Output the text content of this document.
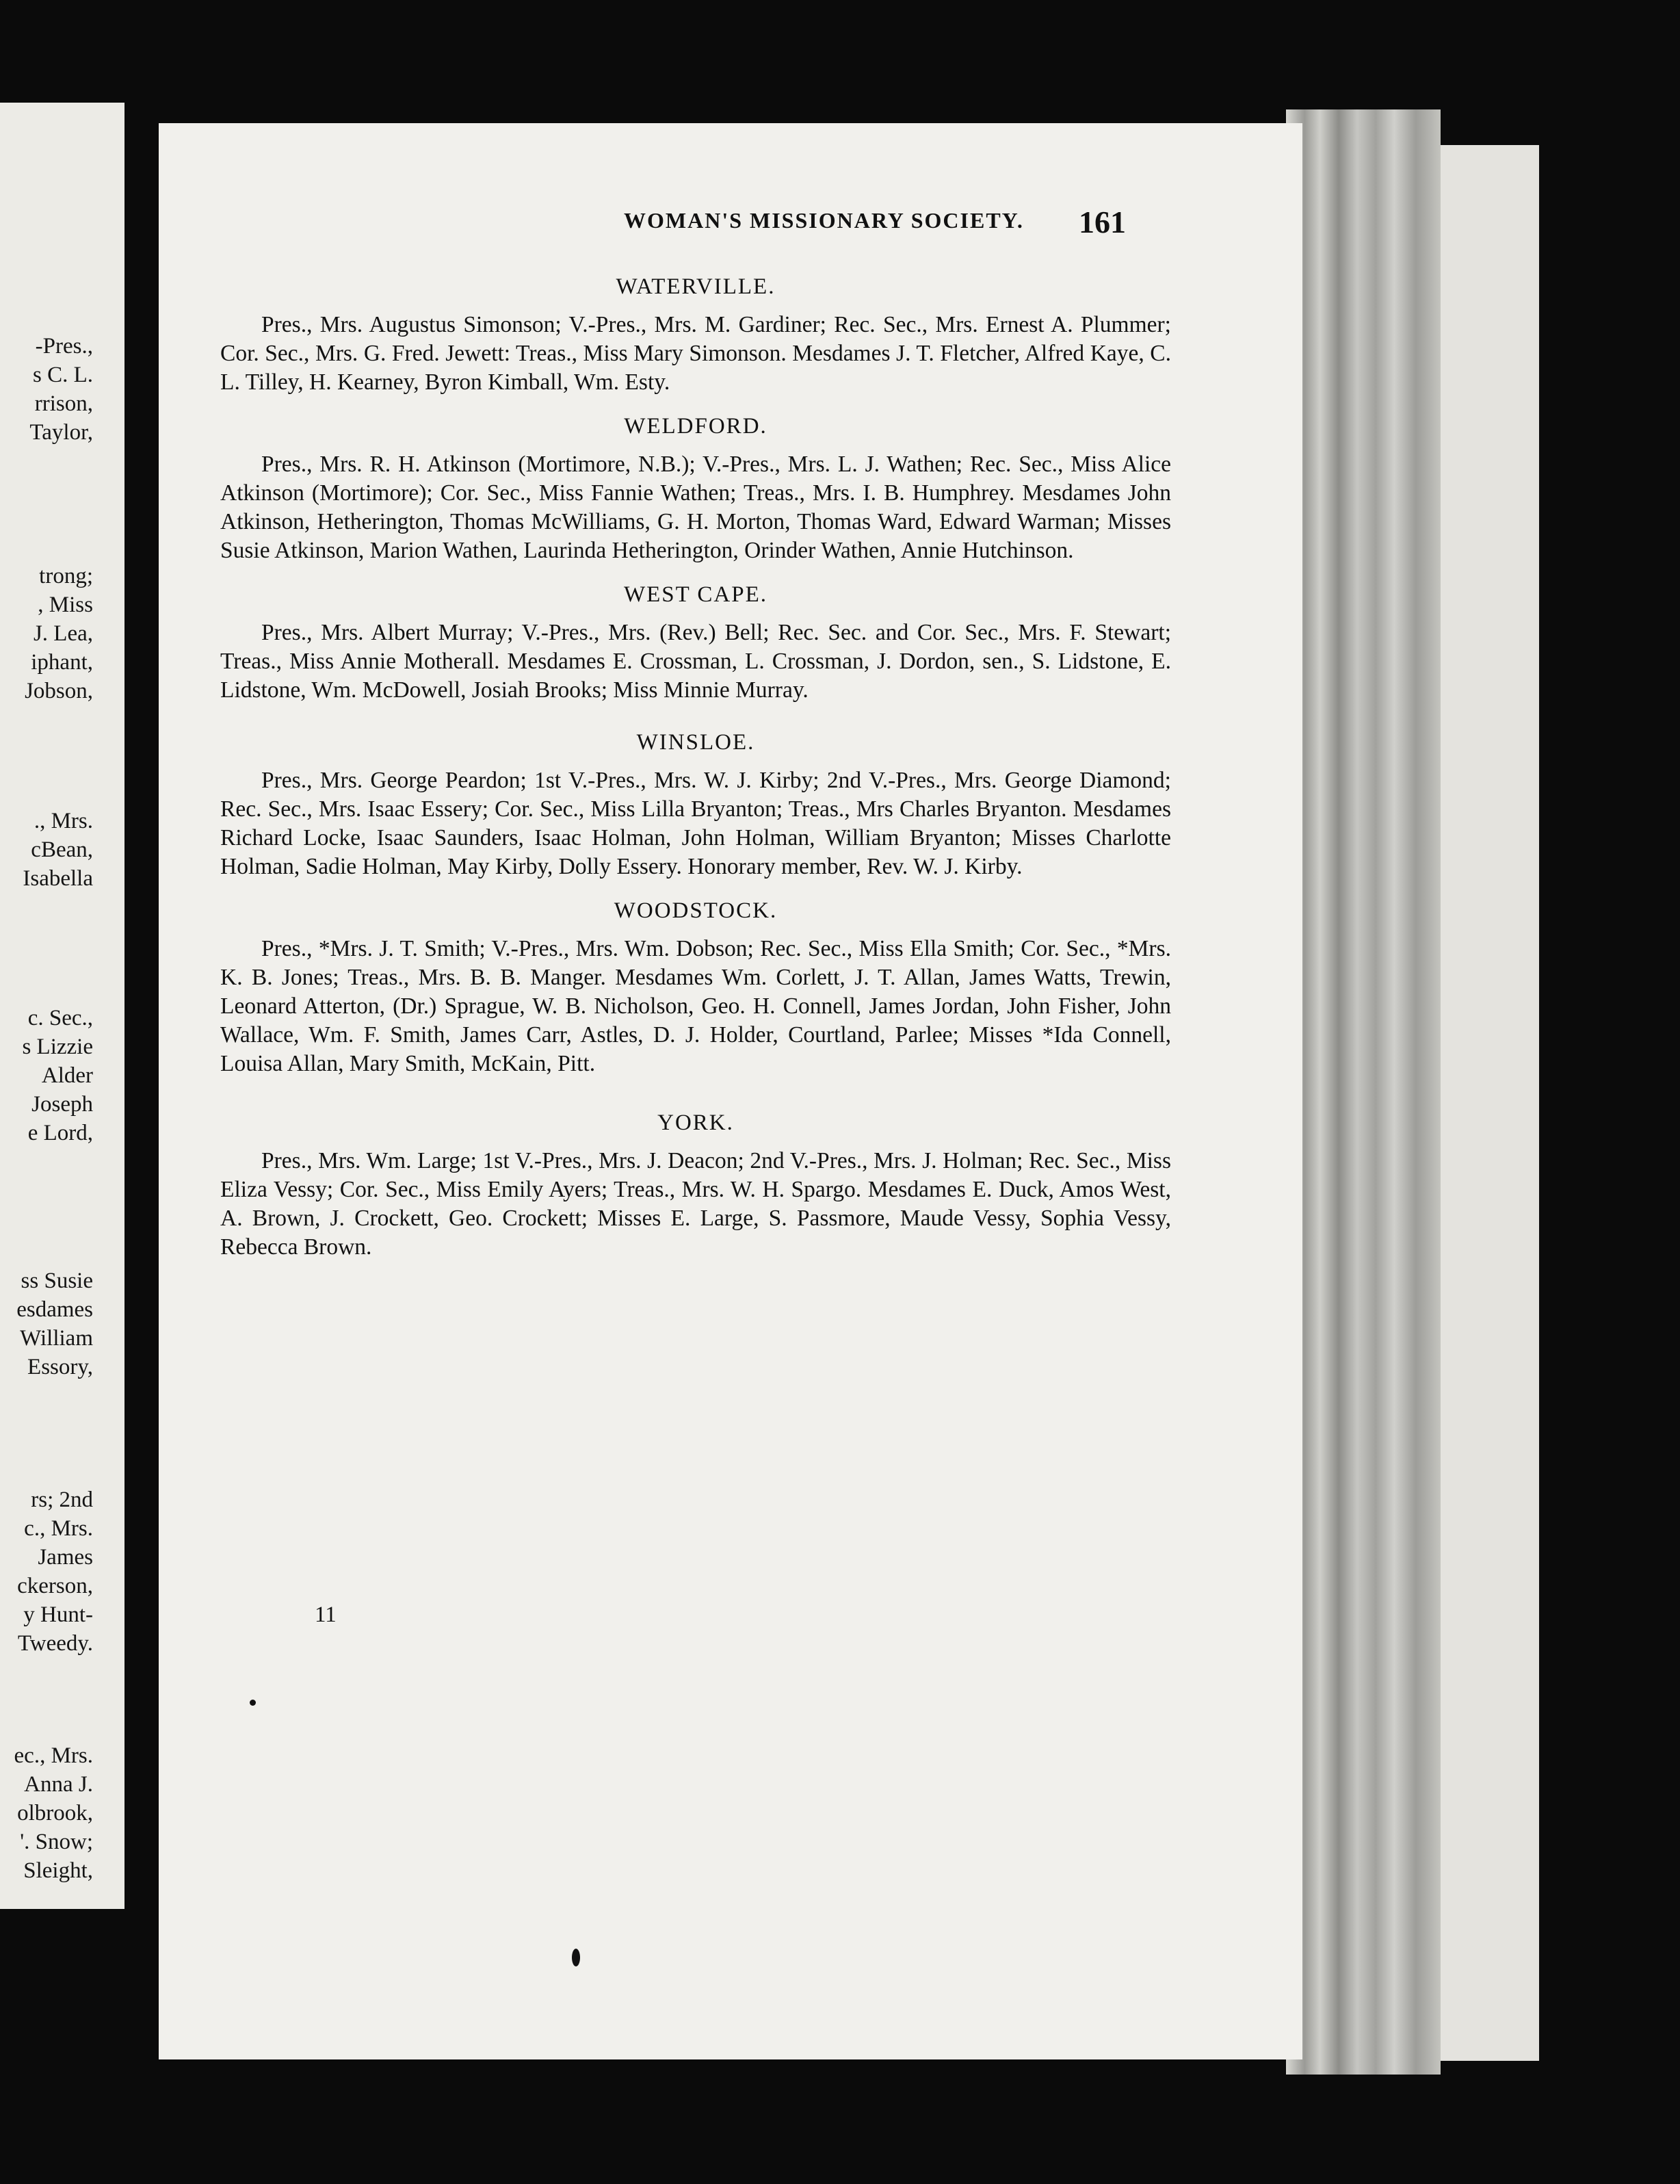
-Pres.,
s C. L.
rrison,
Taylor,
trong;
, Miss
J. Lea,
iphant,
Jobson,
., Mrs.
cBean,
Isabella
c. Sec.,
s Lizzie
Alder
Joseph
e Lord,
ss Susie
esdames
William
Essory,
rs; 2nd
c., Mrs.
James
ckerson,
y Hunt-
Tweedy.
ec., Mrs.
Anna J.
olbrook,
'. Snow;
Sleight,
WOMAN'S MISSIONARY SOCIETY. 161
WATERVILLE.

Pres., Mrs. Augustus Simonson; V.-Pres., Mrs. M. Gardiner; Rec. Sec., Mrs. Ernest A. Plummer; Cor. Sec., Mrs. G. Fred. Jewett: Treas., Miss Mary Simonson. Mesdames J. T. Fletcher, Alfred Kaye, C. L. Tilley, H. Kearney, Byron Kimball, Wm. Esty.

WELDFORD.

Pres., Mrs. R. H. Atkinson (Mortimore, N.B.); V.-Pres., Mrs. L. J. Wathen; Rec. Sec., Miss Alice Atkinson (Mortimore); Cor. Sec., Miss Fannie Wathen; Treas., Mrs. I. B. Humphrey. Mesdames John Atkinson, Hetherington, Thomas McWilliams, G. H. Morton, Thomas Ward, Edward Warman; Misses Susie Atkinson, Marion Wathen, Laurinda Hetherington, Orinder Wathen, Annie Hutchinson.

WEST CAPE.

Pres., Mrs. Albert Murray; V.-Pres., Mrs. (Rev.) Bell; Rec. Sec. and Cor. Sec., Mrs. F. Stewart; Treas., Miss Annie Motherall. Mesdames E. Crossman, L. Crossman, J. Dordon, sen., S. Lidstone, E. Lidstone, Wm. McDowell, Josiah Brooks; Miss Minnie Murray.

WINSLOE.

Pres., Mrs. George Peardon; 1st V.-Pres., Mrs. W. J. Kirby; 2nd V.-Pres., Mrs. George Diamond; Rec. Sec., Mrs. Isaac Essery; Cor. Sec., Miss Lilla Bryanton; Treas., Mrs Charles Bryanton. Mesdames Richard Locke, Isaac Saunders, Isaac Holman, John Holman, William Bryanton; Misses Charlotte Holman, Sadie Holman, May Kirby, Dolly Essery. Honorary member, Rev. W. J. Kirby.

WOODSTOCK.

Pres., *Mrs. J. T. Smith; V.-Pres., Mrs. Wm. Dobson; Rec. Sec., Miss Ella Smith; Cor. Sec., *Mrs. K. B. Jones; Treas., Mrs. B. B. Manger. Mesdames Wm. Corlett, J. T. Allan, James Watts, Trewin, Leonard Atterton, (Dr.) Sprague, W. B. Nicholson, Geo. H. Connell, James Jordan, John Fisher, John Wallace, Wm. F. Smith, James Carr, Astles, D. J. Holder, Courtland, Parlee; Misses *Ida Connell, Louisa Allan, Mary Smith, McKain, Pitt.

YORK.

Pres., Mrs. Wm. Large; 1st V.-Pres., Mrs. J. Deacon; 2nd V.-Pres., Mrs. J. Holman; Rec. Sec., Miss Eliza Vessy; Cor. Sec., Miss Emily Ayers; Treas., Mrs. W. H. Spargo. Mesdames E. Duck, Amos West, A. Brown, J. Crockett, Geo. Crockett; Misses E. Large, S. Passmore, Maude Vessy, Sophia Vessy, Rebecca Brown.

11
